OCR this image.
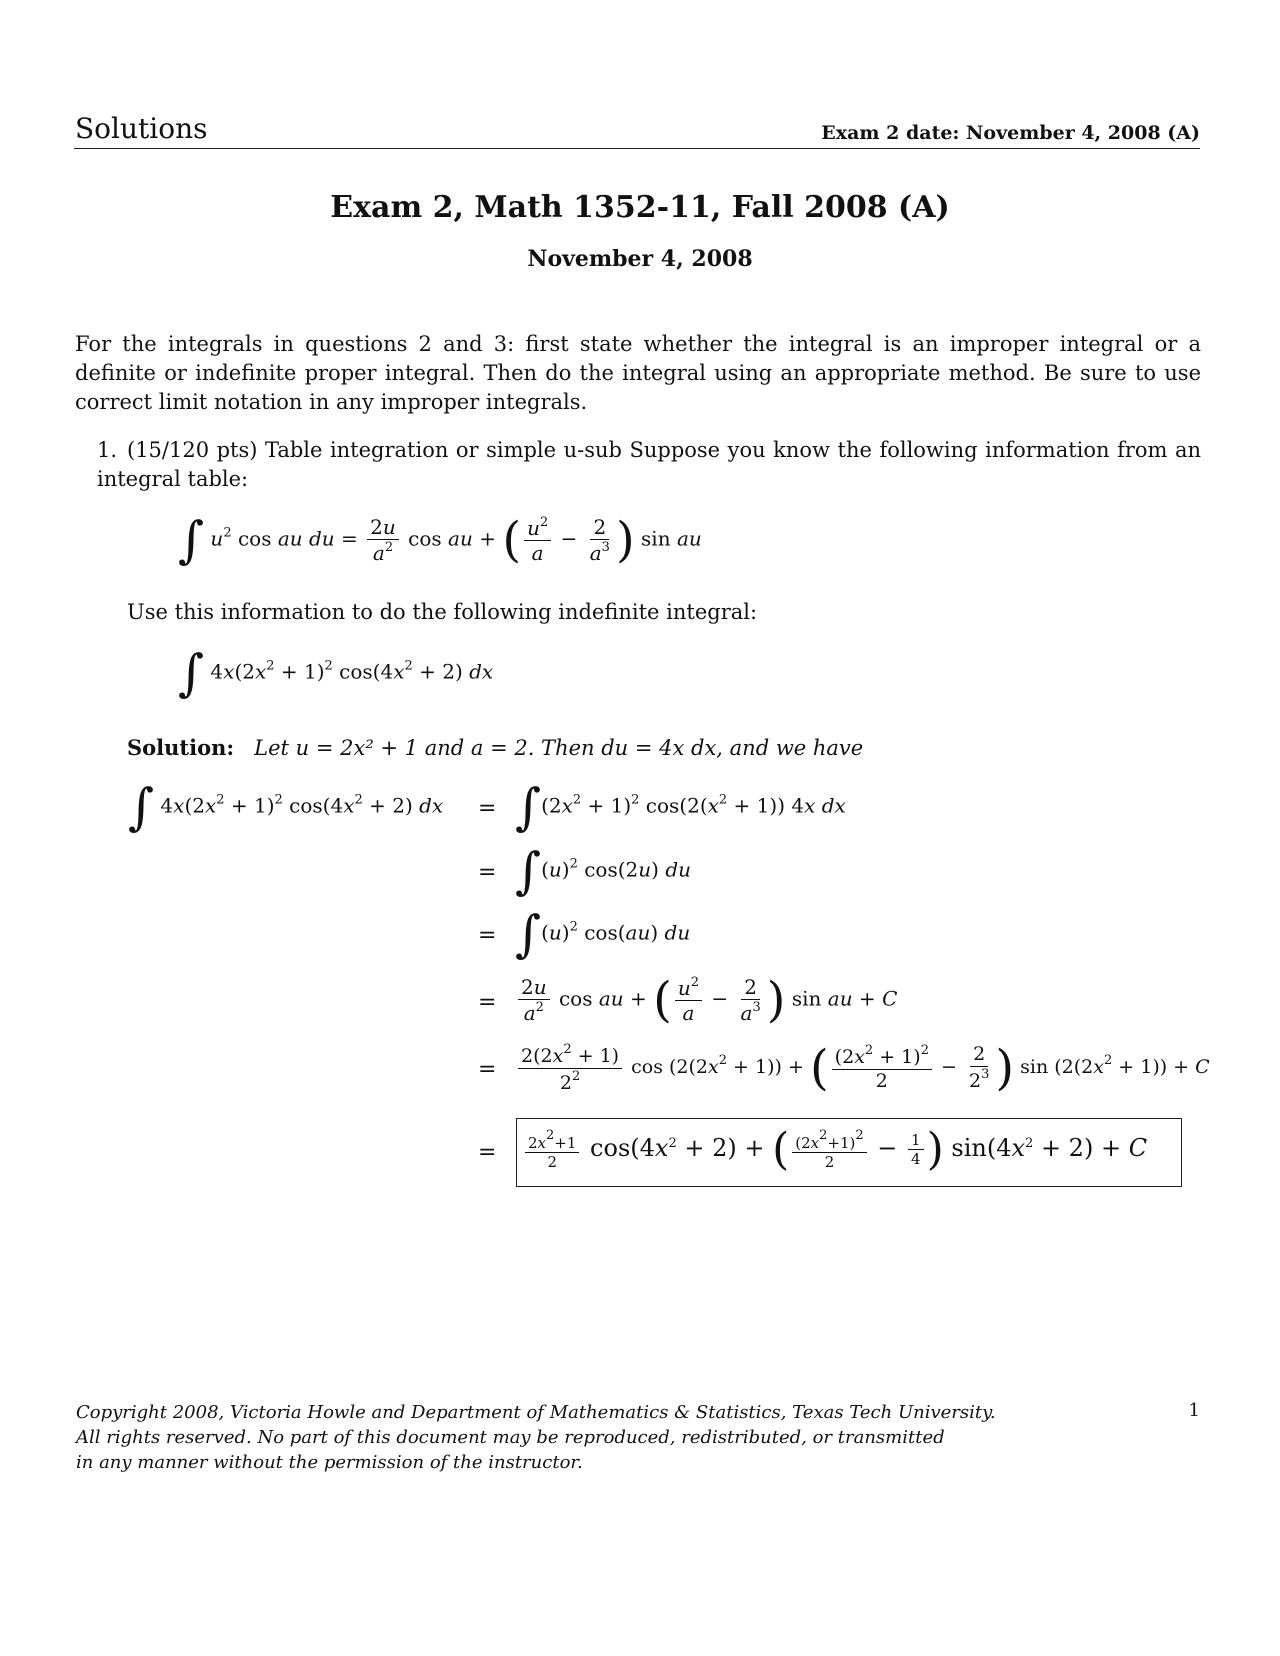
Solutions	Exam 2 date: November 4, 2008 (A)
Exam 2, Math 1352-11, Fall 2008 (A)
November 4, 2008
For the integrals in questions 2 and 3: first state whether the integral is an improper integral or a definite or indefinite proper integral. Then do the integral using an appropriate method. Be sure to use correct limit notation in any improper integrals.
1. (15/120 pts) Table integration or simple u-sub Suppose you know the following information from an integral table:
∫ $u^2$ cos au du = $\frac{2u}{a^2}$ cos au + ( $\frac{u^2}{a} - \frac{2}{a^3}$ ) sin au
Use this information to do the following indefinite integral:
∫ $4x(2x^2 + 1)^2$ $\cos(4x^2 + 2)$ dx
Solution: Let u = 2x² + 1 and a = 2. Then du = 4x dx, and we have
∫ $4x(2x^2 + 1)^2$ $\cos(4x^2 + 2)$ dx = $\int(2x^2 + 1)^2$ $\cos(2(x^2 + 1))$ 4x dx
= $\int(u)^2$ cos(2u) du
= $\int(u)^2$ cos(au) du
= $\frac{2u}{a^2}$ cos au + ( $\frac{u^2}{a} - \frac{2}{a^3}$ ) sin au + C
= $\frac{2(2x^2 + 1)}{2^2}$ $\cos (2(2x^2 + 1))$ + ( $\frac{(2x^2 + 1)^2}{2} - \frac{2}{2^3}$ ) $\sin (2(2x^2 + 1)) + C$
= $\frac{2x^2+1}{2} \cos(4x^2 + 2)$ + ( $\frac{(2x^2+1)^2}{2} - \frac{1}{4}$ ) $\sin(4x^2 + 2) + C$
Copyright 2008, Victoria Howle and Department of Mathematics & Statistics, Texas Tech University.
All rights reserved. No part of this document may be reproduced, redistributed, or transmitted
in any manner without the permission of the instructor.
1
